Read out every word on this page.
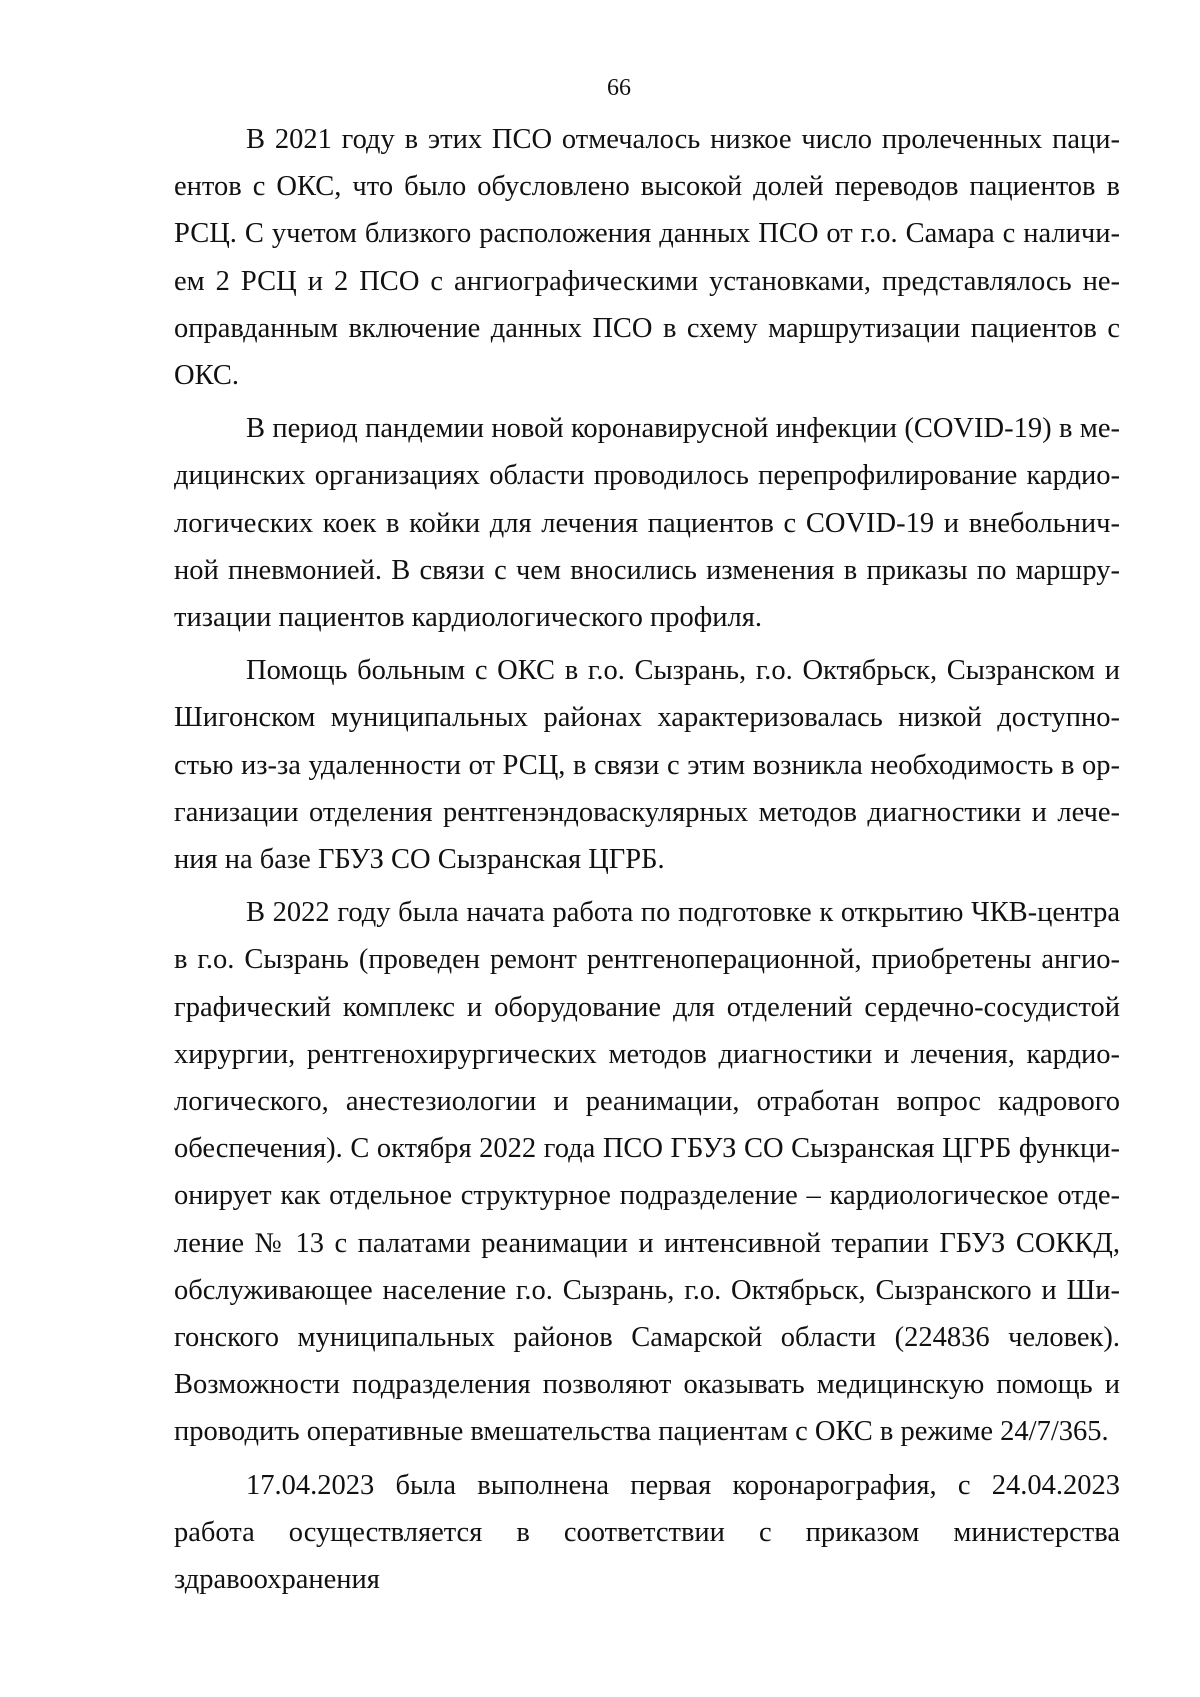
66

В 2021 году в этих ПСО отмечалось низкое число пролеченных пациентов с ОКС, что было обусловлено высокой долей переводов пациентов в РСЦ. С учетом близкого расположения данных ПСО от г.о. Самара с наличием 2 РСЦ и 2 ПСО с ангиографическими установками, представлялось неоправданным включение данных ПСО в схему маршрутизации пациентов с ОКС.

В период пандемии новой коронавирусной инфекции (COVID-19) в медицинских организациях области проводилось перепрофилирование кардиологических коек в койки для лечения пациентов с COVID-19 и внебольничной пневмонией. В связи с чем вносились изменения в приказы по маршрутизации пациентов кардиологического профиля.

Помощь больным с ОКС в г.о. Сызрань, г.о. Октябрьск, Сызранском и Шигонском муниципальных районах характеризовалась низкой доступностью из-за удаленности от РСЦ, в связи с этим возникла необходимость в организации отделения рентгенэндоваскулярных методов диагностики и лечения на базе ГБУЗ СО Сызранская ЦГРБ.

В 2022 году была начата работа по подготовке к открытию ЧКВ-центра в г.о. Сызрань (проведен ремонт рентгеноперационной, приобретены ангиографический комплекс и оборудование для отделений сердечно-сосудистой хирургии, рентгенохирургических методов диагностики и лечения, кардиологического, анестезиологии и реанимации, отработан вопрос кадрового обеспечения). С октября 2022 года ПСО ГБУЗ СО Сызранская ЦГРБ функционирует как отдельное структурное подразделение – кардиологическое отделение № 13 с палатами реанимации и интенсивной терапии ГБУЗ СОККД, обслуживающее население г.о. Сызрань, г.о. Октябрьск, Сызранского и Шигонского муниципальных районов Самарской области (224836 человек). Возможности подразделения позволяют оказывать медицинскую помощь и проводить оперативные вмешательства пациентам с ОКС в режиме 24/7/365.

17.04.2023 была выполнена первая коронарография, с 24.04.2023 работа осуществляется в соответствии с приказом министерства здравоохранения
